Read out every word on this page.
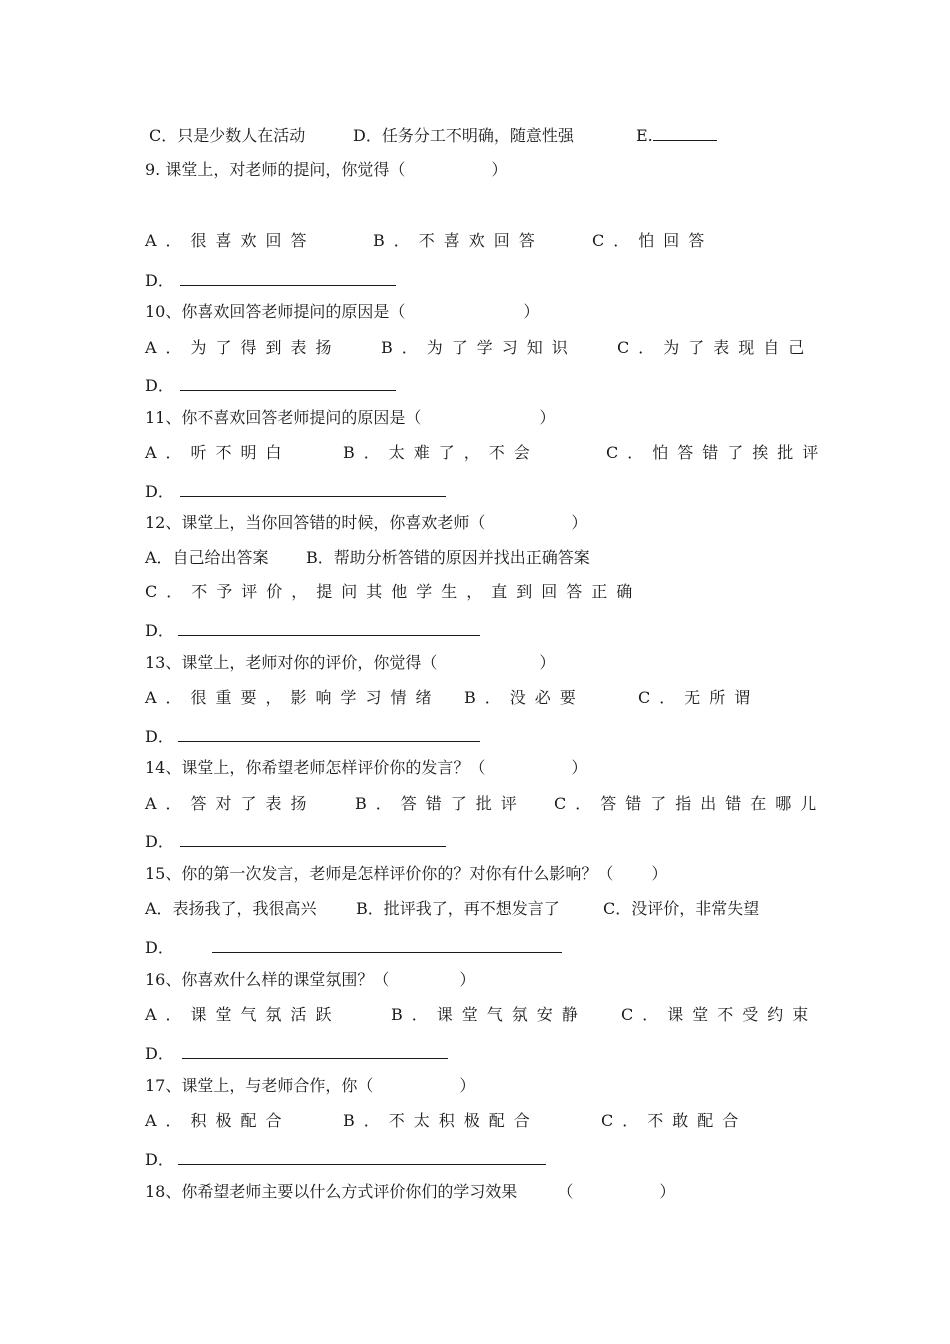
C．只是少数人在活动	D．任务分工不明确，随意性强	E.
9. 课堂上，对老师的提问，你觉得（	）
A．很喜欢回答	B．不喜欢回答	C．怕回答
D．
10、你喜欢回答老师提问的原因是（	）
A．为了得到表扬	B．为了学习知识	C．为了表现自己
D．
11、你不喜欢回答老师提问的原因是（	）
A．听不明白	B．太难了，不会	C．怕答错了挨批评
D．
12、课堂上，当你回答错的时候，你喜欢老师（	）
A．自己给出答案 B．帮助分析答错的原因并找出正确答案
C．不予评价，提问其他学生，直到回答正确
D．
13、课堂上，老师对你的评价，你觉得（	）
A．很重要，影响学习情绪 B．没必要	C．无所谓
D．
14、课堂上，你希望老师怎样评价你的发言？（	）
A．答对了表扬 B．答错了批评 C．答错了指出错在哪儿
D．
15、你的第一次发言，老师是怎样评价你的？对你有什么影响？（ ）
A．表扬我了，我很高兴 B．批评我了，再不想发言了	C．没评价，非常失望
D．
16、你喜欢什么样的课堂氛围？（	）
A．课堂气氛活跃	B．课堂气氛安静 C．课堂不受约束
D．
17、课堂上，与老师合作，你（	）
A．积极配合	B．不太积极配合	C．不敢配合
D．
18、你希望老师主要以什么方式评价你们的学习效果	（	）
